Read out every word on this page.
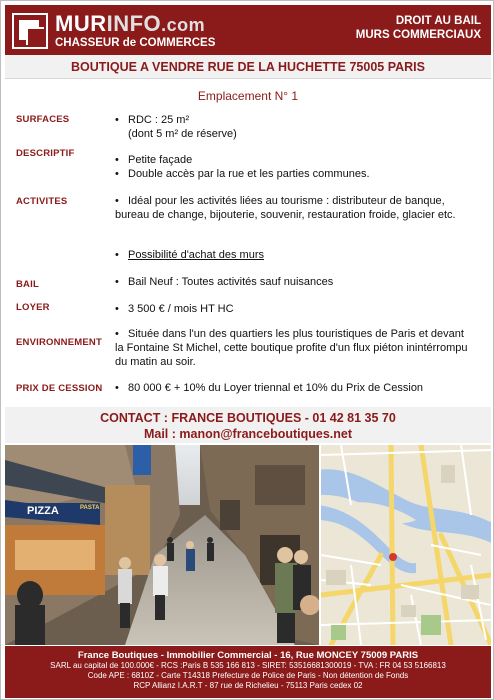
MURINFO.com
CHASSEUR de COMMERCES
DROIT AU BAIL
MURS COMMERCIAUX
BOUTIQUE A VENDRE RUE DE LA HUCHETTE 75005 PARIS
Emplacement N° 1
SURFACES	• RDC : 25 m²
(dont 5 m² de réserve)
DESCRIPTIF
• Petite façade
• Double accès par la rue et les parties communes.
ACTIVITES	• Idéal pour les activités liées au tourisme : distributeur de banque, bureau de change, bijouterie, souvenir, restauration froide, glacier etc.
• Possibilité d'achat des murs
BAIL	• Bail Neuf : Toutes activités sauf nuisances
LOYER	• 3 500 € / mois HT HC
ENVIRONNEMENT
• Située dans l'un des quartiers les plus touristiques de Paris et devant la Fontaine St Michel, cette boutique profite d'un flux piéton inintérrompu du matin au soir.
PRIX DE CESSION • 80 000 € + 10% du Loyer triennal et 10% du Prix de Cession
CONTACT : FRANCE BOUTIQUES - 01 42 81 35 70
Mail : manon@franceboutiques.net
PIZZA	PASTA
France Boutiques - Immobilier Commercial - 16, Rue MONCEY 75009 PARIS
SARL au capital de 100.000€ - RCS :Paris B 535 166 813 - SIRET: 53516681300019 - TVA : FR 04 53 5166813
Code APE : 6810Z - Carte T14318 Prefecture de Police de Paris - Non détention de Fonds
RCP Allianz I.A.R.T - 87 rue de Richelieu - 75113 Paris cedex 02
